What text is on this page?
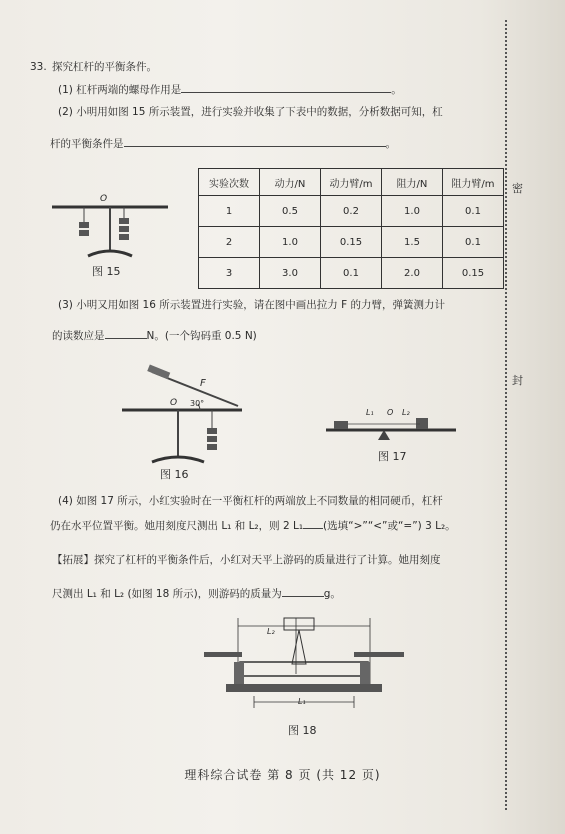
密
封
33. 探究杠杆的平衡条件。
(1) 杠杆两端的螺母作用是	。
(2) 小明用如图 15 所示装置，进行实验并收集了下表中的数据，分析数据可知，杠
杆的平衡条件是	。
O
图 15
实验次数	动力/N	动力臂/m	阻力/N	阻力臂/m
1	0.5	0.2	1.0	0.1
2	1.0	0.15	1.5	0.1
3	3.0	0.1	2.0	0.15
(3) 小明又用如图 16 所示装置进行实验，请在图中画出拉力 F 的力臂，弹簧测力计
的读数应是	N。(一个钩码重 0.5 N)
F
O 30°
图 16
L₁ O L₂
图 17
(4) 如图 17 所示，小红实验时在一平衡杠杆的两端放上不同数量的相同硬币，杠杆
仍在水平位置平衡。她用刻度尺测出 L₁ 和 L₂，则 2 L₁ (选填“>”“<”或“=”) 3 L₂。
【拓展】探究了杠杆的平衡条件后，小红对天平上游码的质量进行了计算。她用刻度
尺测出 L₁ 和 L₂ (如图 18 所示)，则游码的质量为	g。
L₂
L₁
图 18
理科综合试卷 第 8 页 (共 12 页)
